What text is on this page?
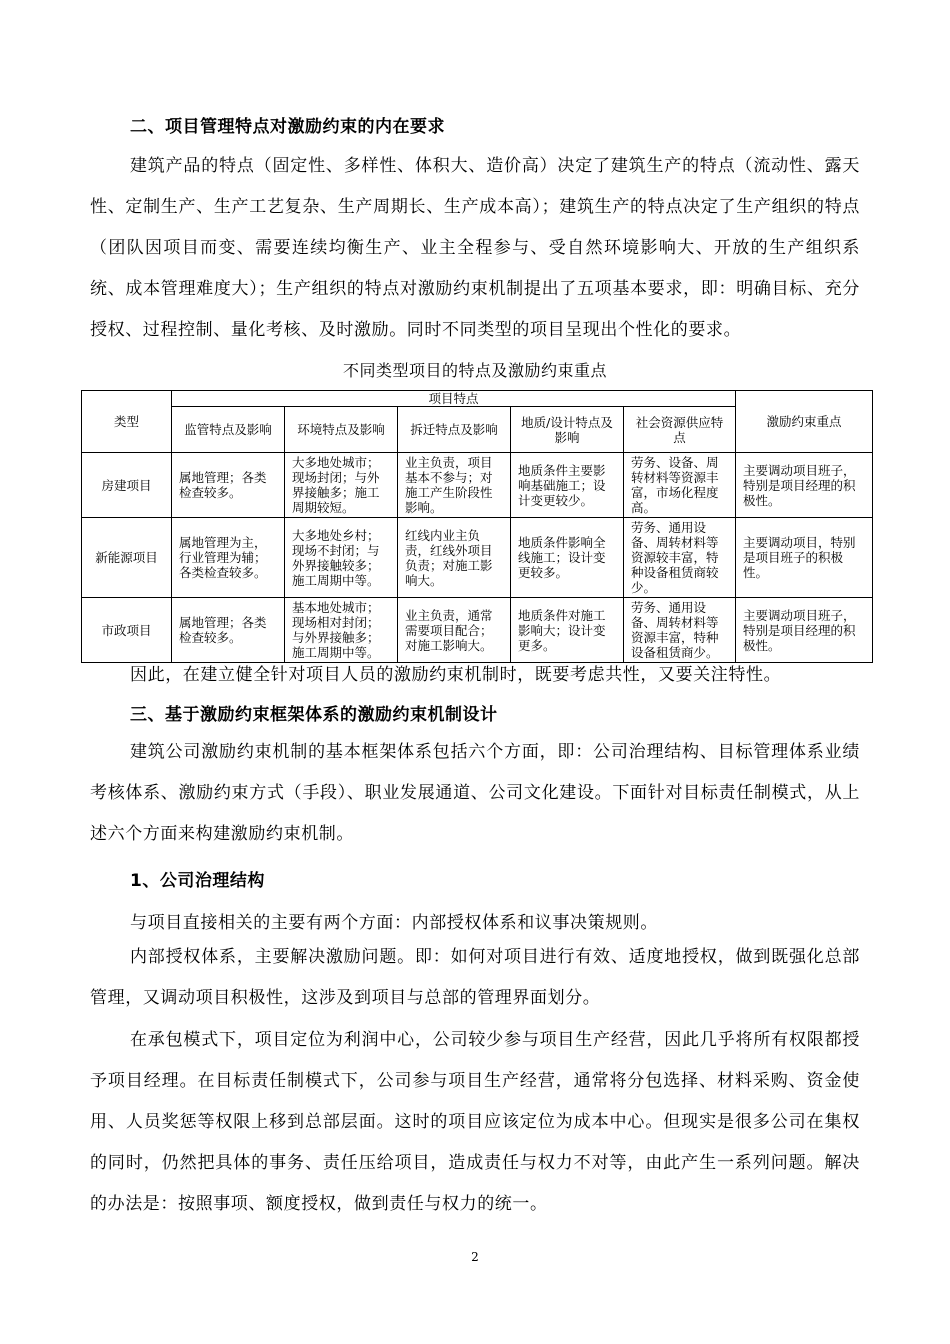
二、项目管理特点对激励约束的内在要求
建筑产品的特点（固定性、多样性、体积大、造价高）决定了建筑生产的特点（流动性、露天性、定制生产、生产工艺复杂、生产周期长、生产成本高）；建筑生产的特点决定了生产组织的特点（团队因项目而变、需要连续均衡生产、业主全程参与、受自然环境影响大、开放的生产组织系统、成本管理难度大）；生产组织的特点对激励约束机制提出了五项基本要求，即：明确目标、充分授权、过程控制、量化考核、及时激励。同时不同类型的项目呈现出个性化的要求。
不同类型项目的特点及激励约束重点
类型	项目特点					激励约束重点
	监管特点及影响	环境特点及影响	拆迁特点及影响	地质/设计特点及影响	社会资源供应特点	
房建项目	属地管理；各类检查较多。	大多地处城市；现场封闭；与外界接触多；施工周期较短。	业主负责，项目基本不参与；对施工产生阶段性影响。	地质条件主要影响基础施工；设计变更较少。	劳务、设备、周转材料等资源丰富，市场化程度高。	主要调动项目班子，特别是项目经理的积极性。
新能源项目	属地管理为主，行业管理为辅；各类检查较多。	大多地处乡村；现场不封闭；与外界接触较多；施工周期中等。	红线内业主负责，红线外项目负责；对施工影响大。	地质条件影响全线施工；设计变更较多。	劳务、通用设备、周转材料等资源较丰富，特种设备租赁商较少。	主要调动项目，特别是项目班子的积极性。
市政项目	属地管理；各类检查较多。	基本地处城市；现场相对封闭；与外界接触多；施工周期中等。	业主负责，通常需要项目配合；对施工影响大。	地质条件对施工影响大；设计变更多。	劳务、通用设备、周转材料等资源丰富，特种设备租赁商少。	主要调动项目班子，特别是项目经理的积极性。
因此，在建立健全针对项目人员的激励约束机制时，既要考虑共性，又要关注特性。
三、基于激励约束框架体系的激励约束机制设计
建筑公司激励约束机制的基本框架体系包括六个方面，即：公司治理结构、目标管理体系业绩考核体系、激励约束方式（手段）、职业发展通道、公司文化建设。下面针对目标责任制模式，从上述六个方面来构建激励约束机制。
1、公司治理结构
与项目直接相关的主要有两个方面：内部授权体系和议事决策规则。
内部授权体系，主要解决激励问题。即：如何对项目进行有效、适度地授权，做到既强化总部管理，又调动项目积极性，这涉及到项目与总部的管理界面划分。
在承包模式下，项目定位为利润中心，公司较少参与项目生产经营，因此几乎将所有权限都授予项目经理。在目标责任制模式下，公司参与项目生产经营，通常将分包选择、材料采购、资金使用、人员奖惩等权限上移到总部层面。这时的项目应该定位为成本中心。但现实是很多公司在集权的同时，仍然把具体的事务、责任压给项目，造成责任与权力不对等，由此产生一系列问题。解决的办法是：按照事项、额度授权，做到责任与权力的统一。
2
